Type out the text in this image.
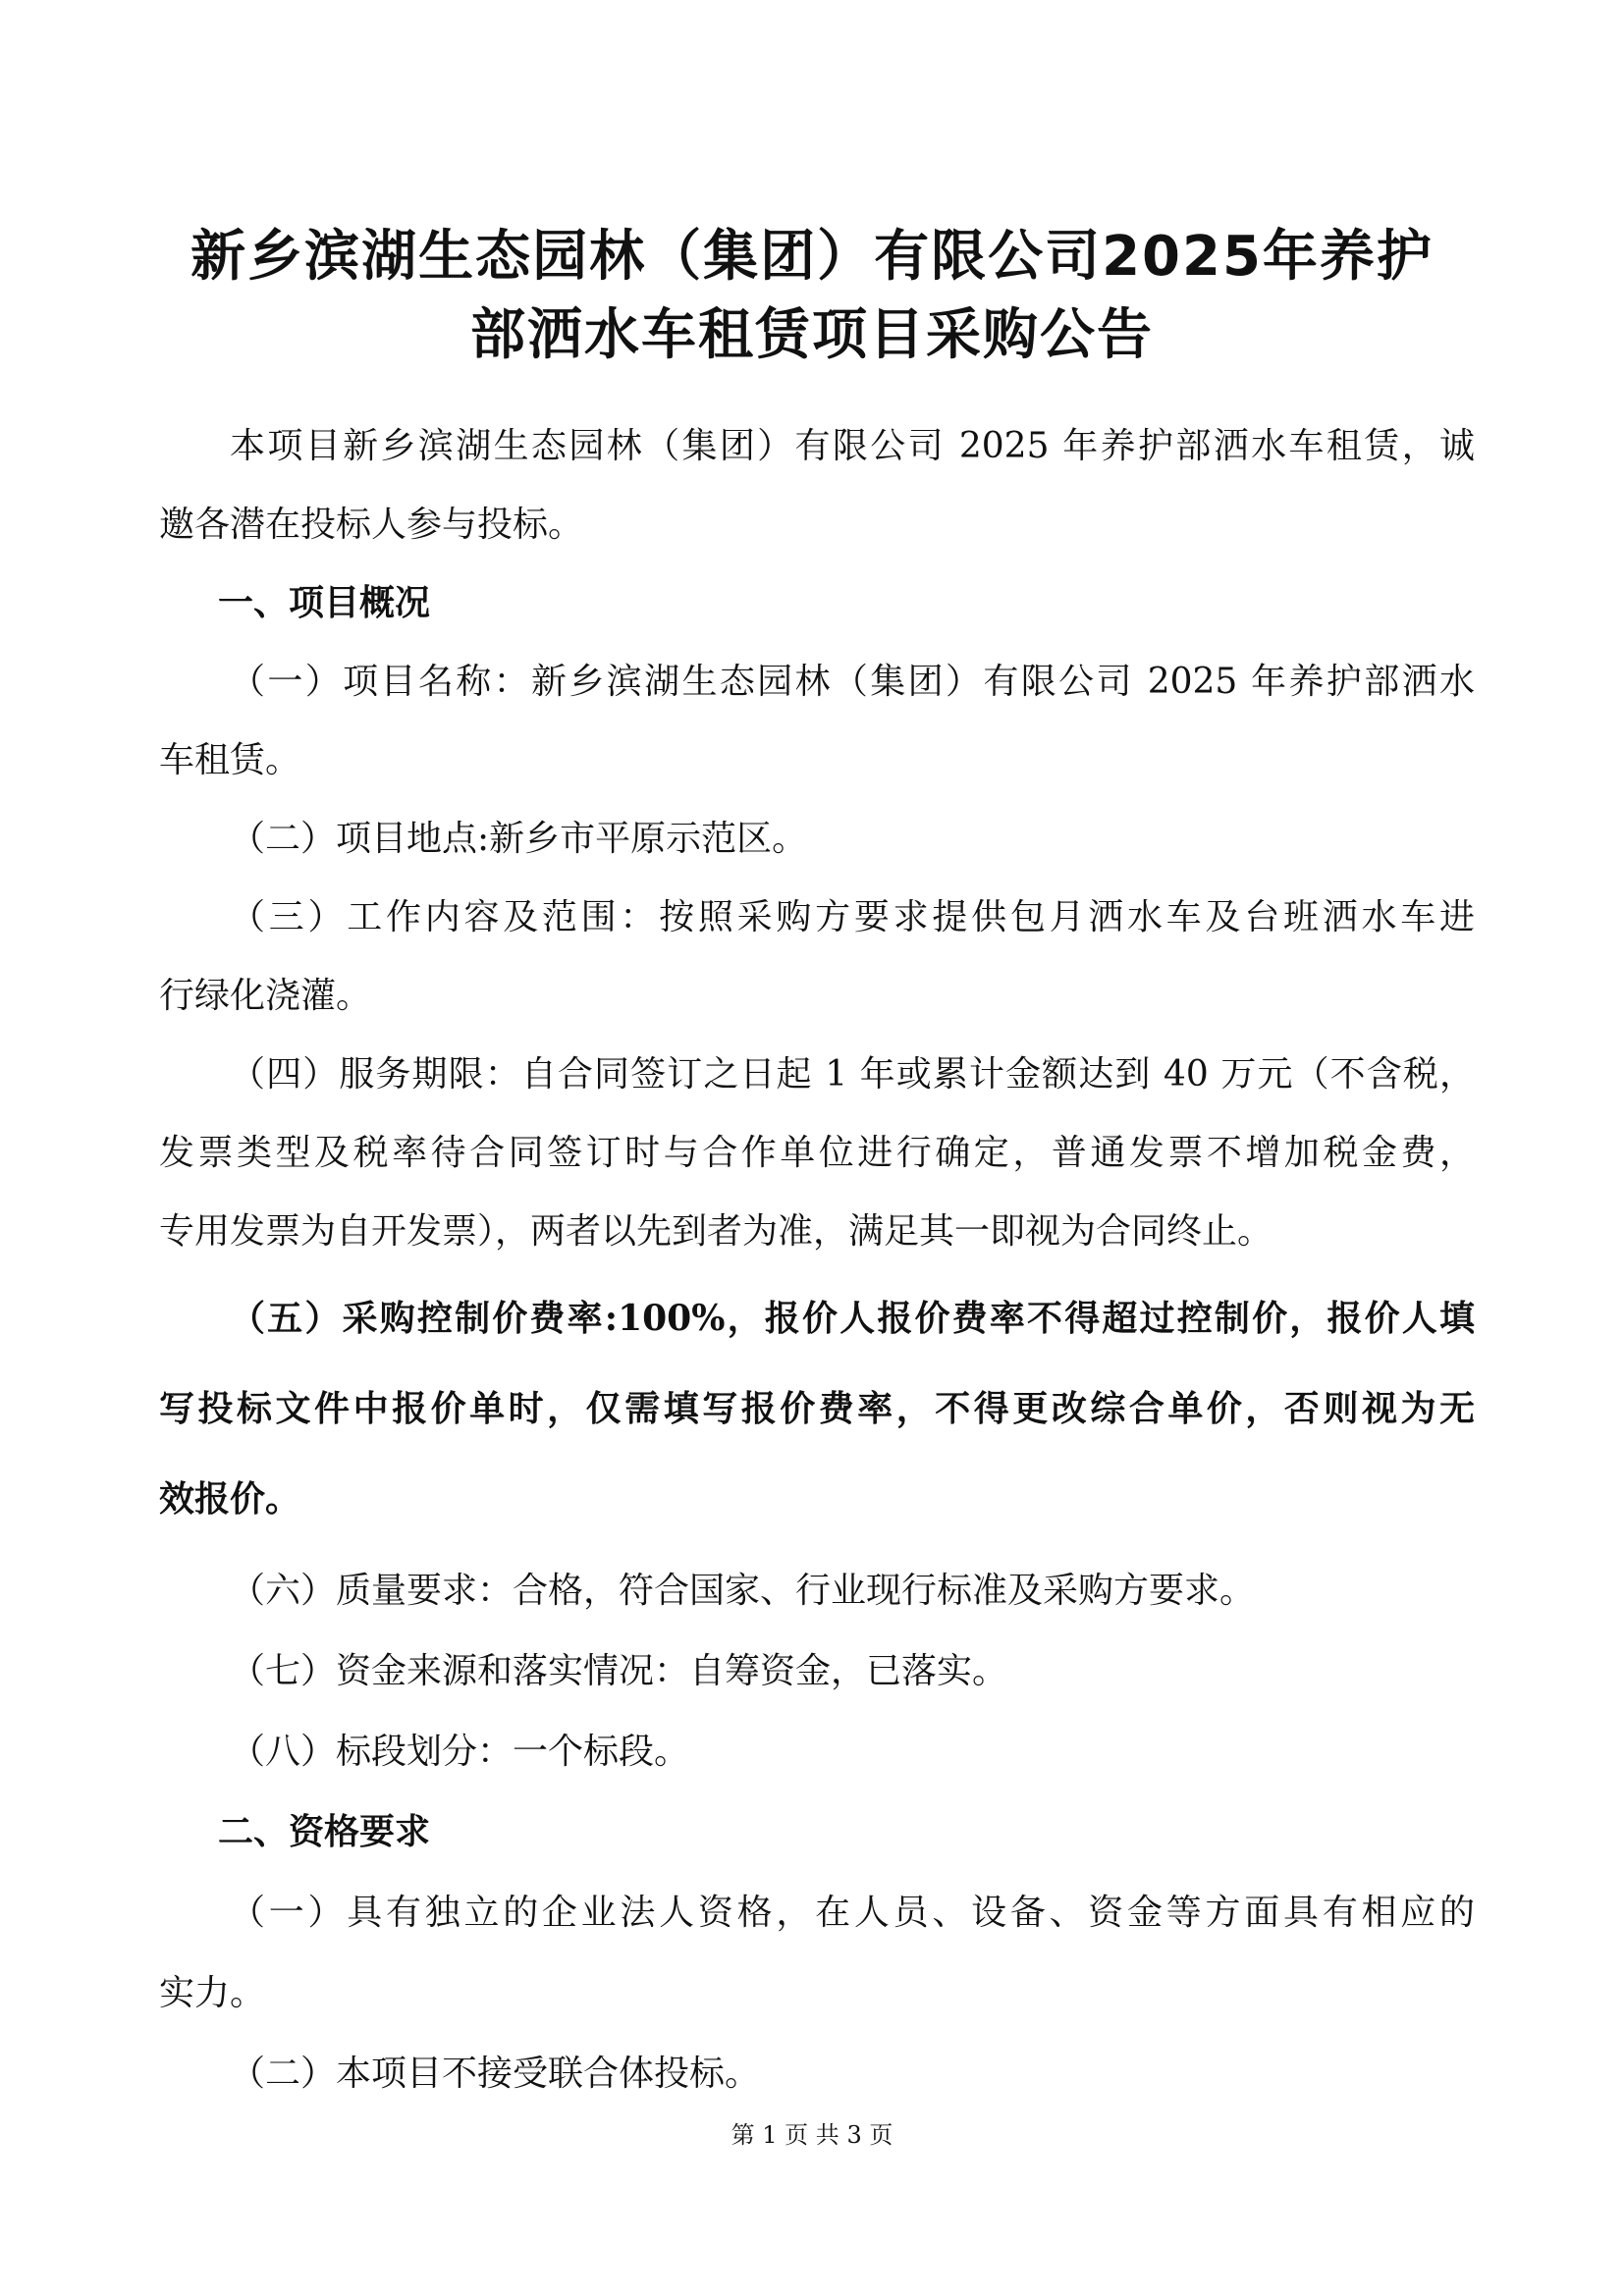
新乡滨湖生态园林（集团）有限公司2025年养护
部洒水车租赁项目采购公告
本项目新乡滨湖生态园林（集团）有限公司 2025 年养护部洒水车租赁，诚
邀各潜在投标人参与投标。
一、项目概况
（一）项目名称：新乡滨湖生态园林（集团）有限公司 2025 年养护部洒水
车租赁。
（二）项目地点:新乡市平原示范区。
（三）工作内容及范围：按照采购方要求提供包月洒水车及台班洒水车进
行绿化浇灌。
（四）服务期限：自合同签订之日起 1 年或累计金额达到 40 万元（不含税，
发票类型及税率待合同签订时与合作单位进行确定，普通发票不增加税金费，
专用发票为自开发票），两者以先到者为准，满足其一即视为合同终止。
（五）采购控制价费率:100%，报价人报价费率不得超过控制价，报价人填
写投标文件中报价单时，仅需填写报价费率，不得更改综合单价，否则视为无
效报价。
（六）质量要求：合格，符合国家、行业现行标准及采购方要求。
（七）资金来源和落实情况：自筹资金，已落实。
（八）标段划分：一个标段。
二、资格要求
（一）具有独立的企业法人资格，在人员、设备、资金等方面具有相应的
实力。
（二）本项目不接受联合体投标。
第 1 页 共 3 页
